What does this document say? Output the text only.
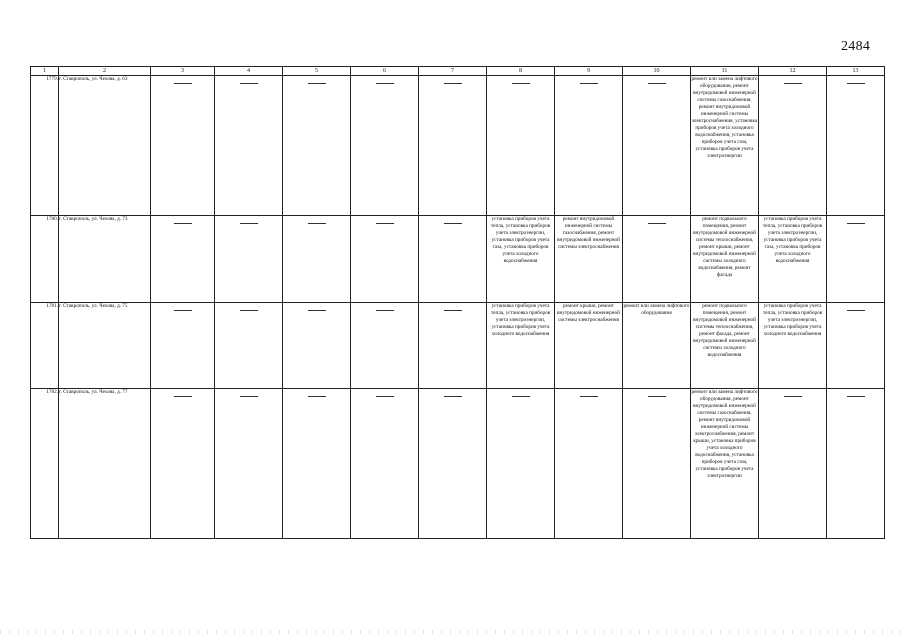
2484
1	2	3	4	5	6	7	8	9	10	11	12	13
1779.	г. Ставрополь, ул. Чехова, д. 63									ремонт или замена лифтового оборудования, ремонт внутридомовой инженерной системы газоснабжения, ремонт внутридомовой инженерной системы электроснабжения, установка приборов учета холодного водоснабжения, установка приборов учета газа, установка приборов учета электроэнергии	

1780.	г. Ставрополь, ул. Чехова, д. 73						установка приборов учета тепла, установка приборов учета электроэнергии, установка приборов учета газа, установка приборов учета холодного водоснабжения	ремонт внутридомовой инженерной системы газоснабжения, ремонт внутридомовой инженерной системы электроснабжения		ремонт подвального помещения, ремонт внутридомовой инженерной системы теплоснабжения, ремонт крыши, ремонт внутридомовой инженерной системы холодного водоснабжения, ремонт фасада	установка приборов учета тепла, установка приборов учета электроэнергии, установка приборов учета газа, установка приборов учета холодного водоснабжения	

1781.	г. Ставрополь, ул. Чехова, д. 75						установка приборов учета тепла, установка приборов учета электроэнергии, установка приборов учета холодного водоснабжения	ремонт крыши, ремонт внутридомовой инженерной системы электроснабжения	ремонт или замена лифтового оборудования	ремонт подвального помещения, ремонт внутридомовой инженерной системы теплоснабжения, ремонт фасада, ремонт внутридомовой инженерной системы холодного водоснабжения	установка приборов учета тепла, установка приборов учета электроэнергии, установка приборов учета холодного водоснабжения	

1782.	г. Ставрополь, ул. Чехова, д. 77									ремонт или замена лифтового оборудования, ремонт внутридомовой инженерной системы газоснабжения, ремонт внутридомовой инженерной системы электроснабжения, ремонт крыши, установка приборов учета холодного водоснабжения, установка приборов учета газа, установка приборов учета электроэнергии	
